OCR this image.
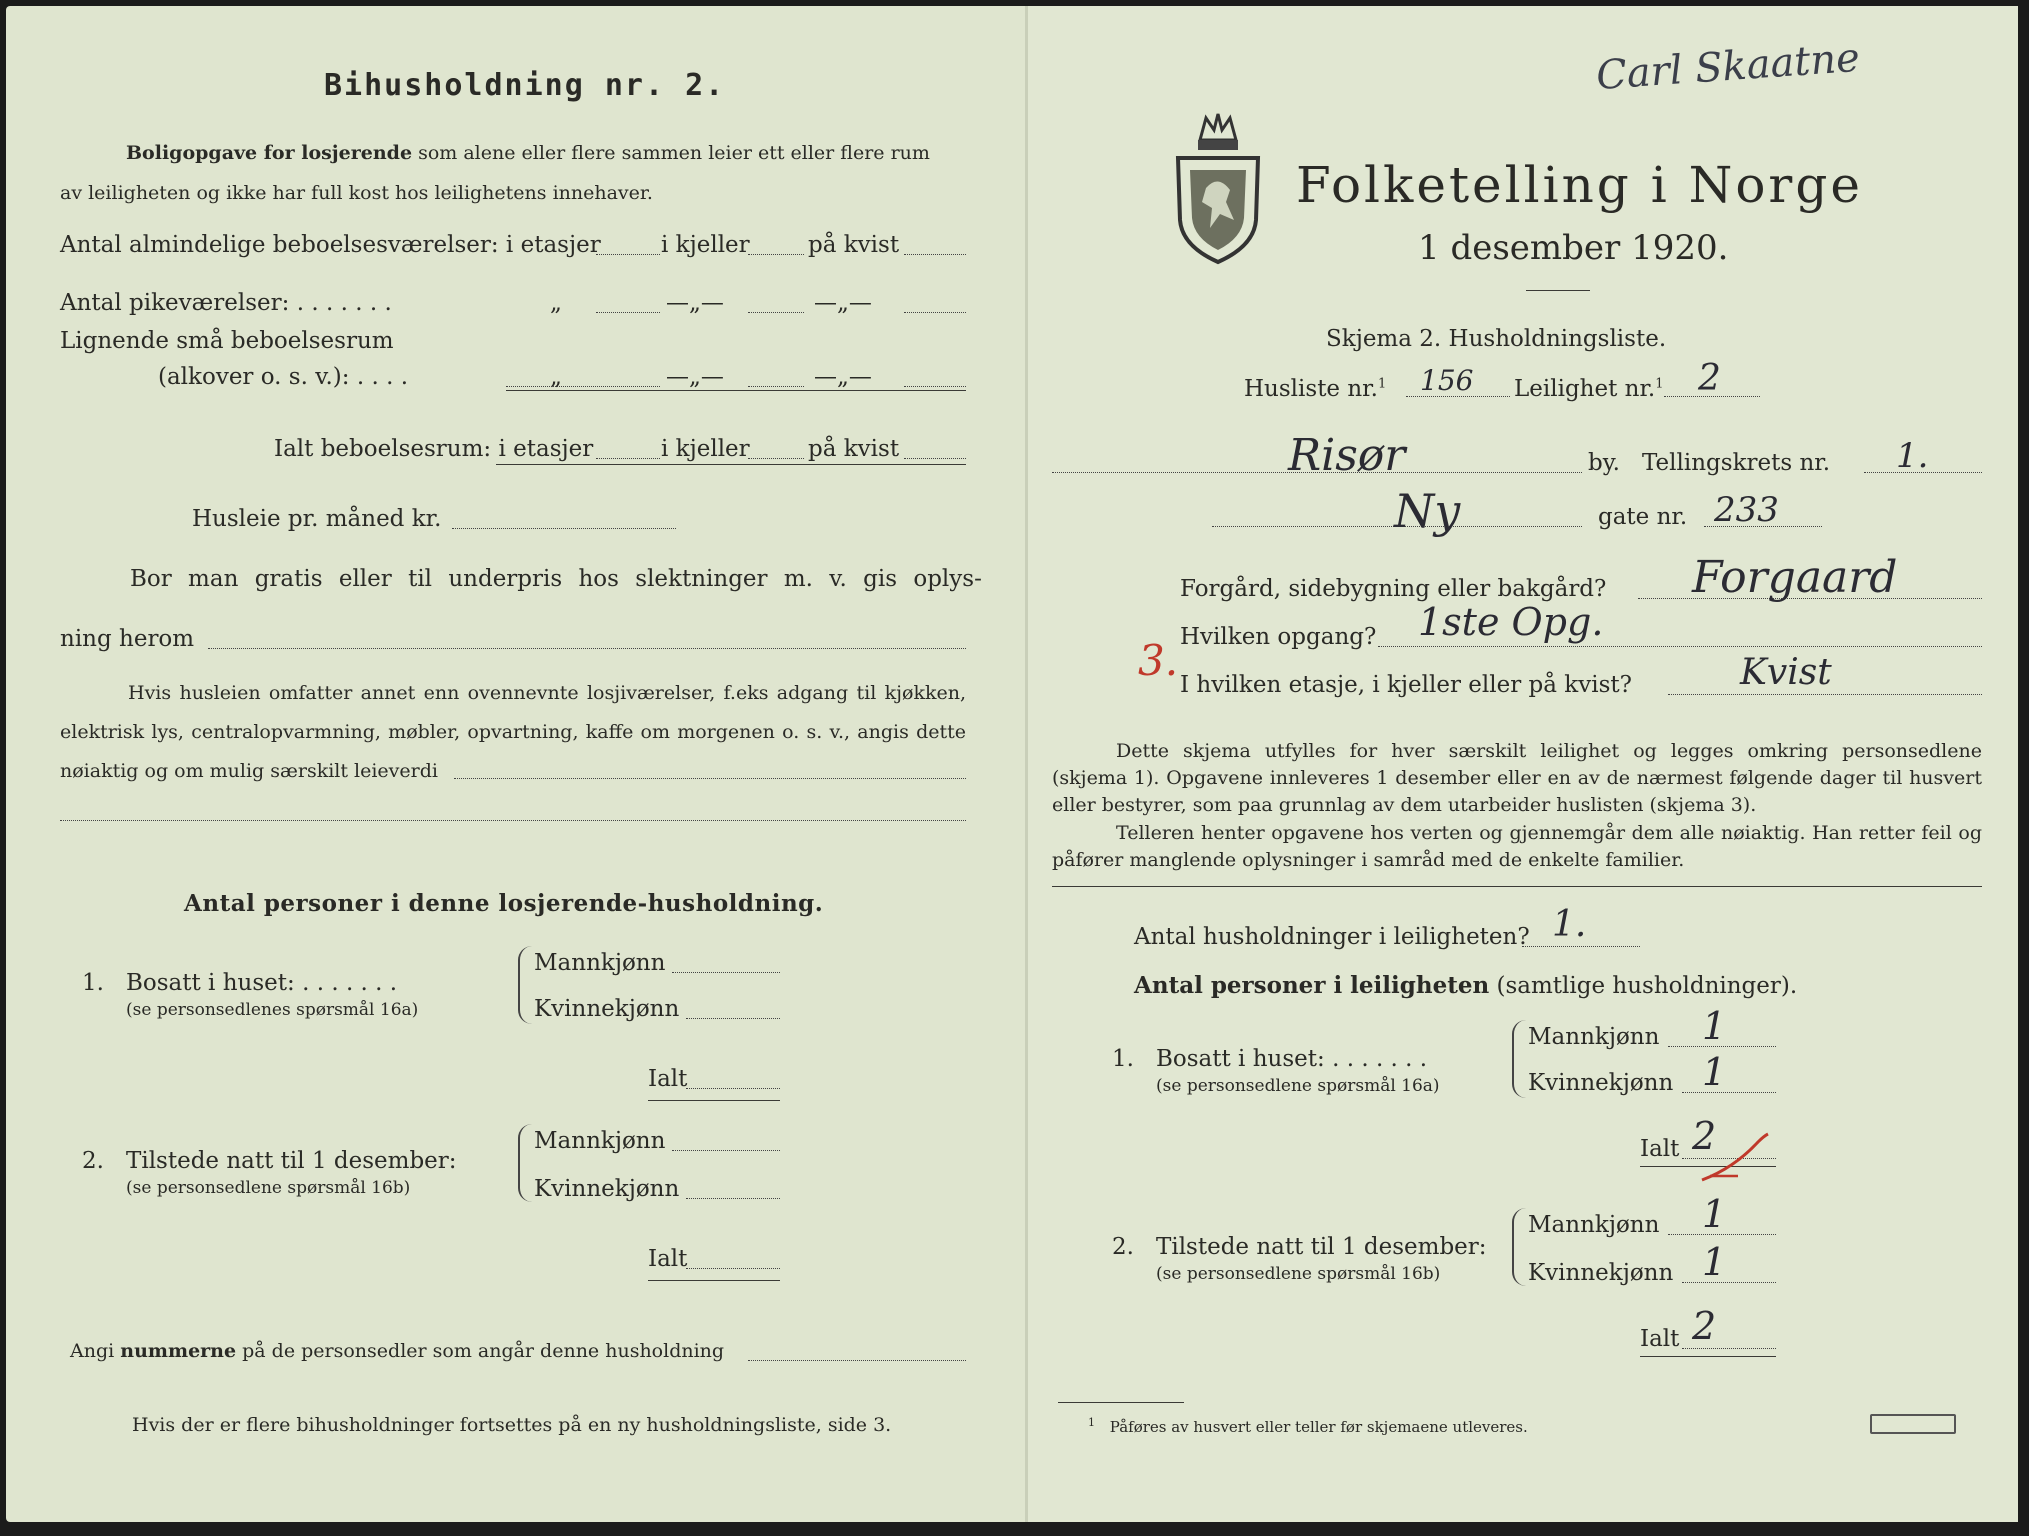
Bihusholdning nr. 2.
Boligopgave for losjerende som alene eller flere sammen leier ett eller flere rum
av leiligheten og ikke har full kost hos leilighetens innehaver.
Antal almindelige beboelsesværelser: i etasjer	i kjeller	på kvist
Antal pikeværelser: . . . . . . .	„	—„—	—„—
Lignende små beboelsesrum
(alkover o. s. v.): . . . .	„	—„—	—„—
Ialt beboelsesrum: i etasjer	i kjeller	på kvist
Husleie pr. måned kr.
Bor man gratis eller til underpris hos slektninger m. v. gis oplys-
ning herom
Hvis husleien omfatter annet enn ovennevnte losjiværelser, f.eks adgang til kjøkken, elektrisk lys, centralopvarmning, møbler, opvartning, kaffe om morgenen o. s. v., angis dette nøiaktig og om mulig særskilt leieverdi
Antal personer i denne losjerende-husholdning.
1. Bosatt i huset: . . . . . . .
(se personsedlenes spørsmål 16a)
Mannkjønn
Kvinnekjønn
Ialt
2. Tilstede natt til 1 desember:
(se personsedlene spørsmål 16b)
Mannkjønn
Kvinnekjønn
Ialt
Angi nummerne på de personsedler som angår denne husholdning
Hvis der er flere bihusholdninger fortsettes på en ny husholdningsliste, side 3.
Carl Skaatne
Folketelling i Norge
1 desember 1920.
Skjema 2. Husholdningsliste.
Husliste nr.$^1$ 156 Leilighet nr.$^1$ 2
Risør	by. Tellingskrets nr. 1.
Ny	gate nr. 233
Forgård, sidebygning eller bakgård? Forgaard
Hvilken opgang? 1ste Opg.
3. I hvilken etasje, i kjeller eller på kvist?	Kvist
Dette skjema utfylles for hver særskilt leilighet og legges omkring personsedlene (skjema 1). Opgavene innleveres 1 desember eller en av de nærmest følgende dager til husvert eller bestyrer, som paa grunnlag av dem utarbeider huslisten (skjema 3).
Telleren henter opgavene hos verten og gjennemgår dem alle nøiaktig. Han retter feil og påfører manglende oplysninger i samråd med de enkelte familier.
Antal husholdninger i leiligheten? 1.
Antal personer i leiligheten (samtlige husholdninger).
1. Bosatt i huset: . . . . . . .
(se personsedlene spørsmål 16a)
Mannkjønn 1
Kvinnekjønn 1
Ialt 2
2. Tilstede natt til 1 desember:
(se personsedlene spørsmål 16b)
Mannkjønn 1
Kvinnekjønn 1
Ialt 2
$^1$ Påføres av husvert eller teller før skjemaene utleveres.
